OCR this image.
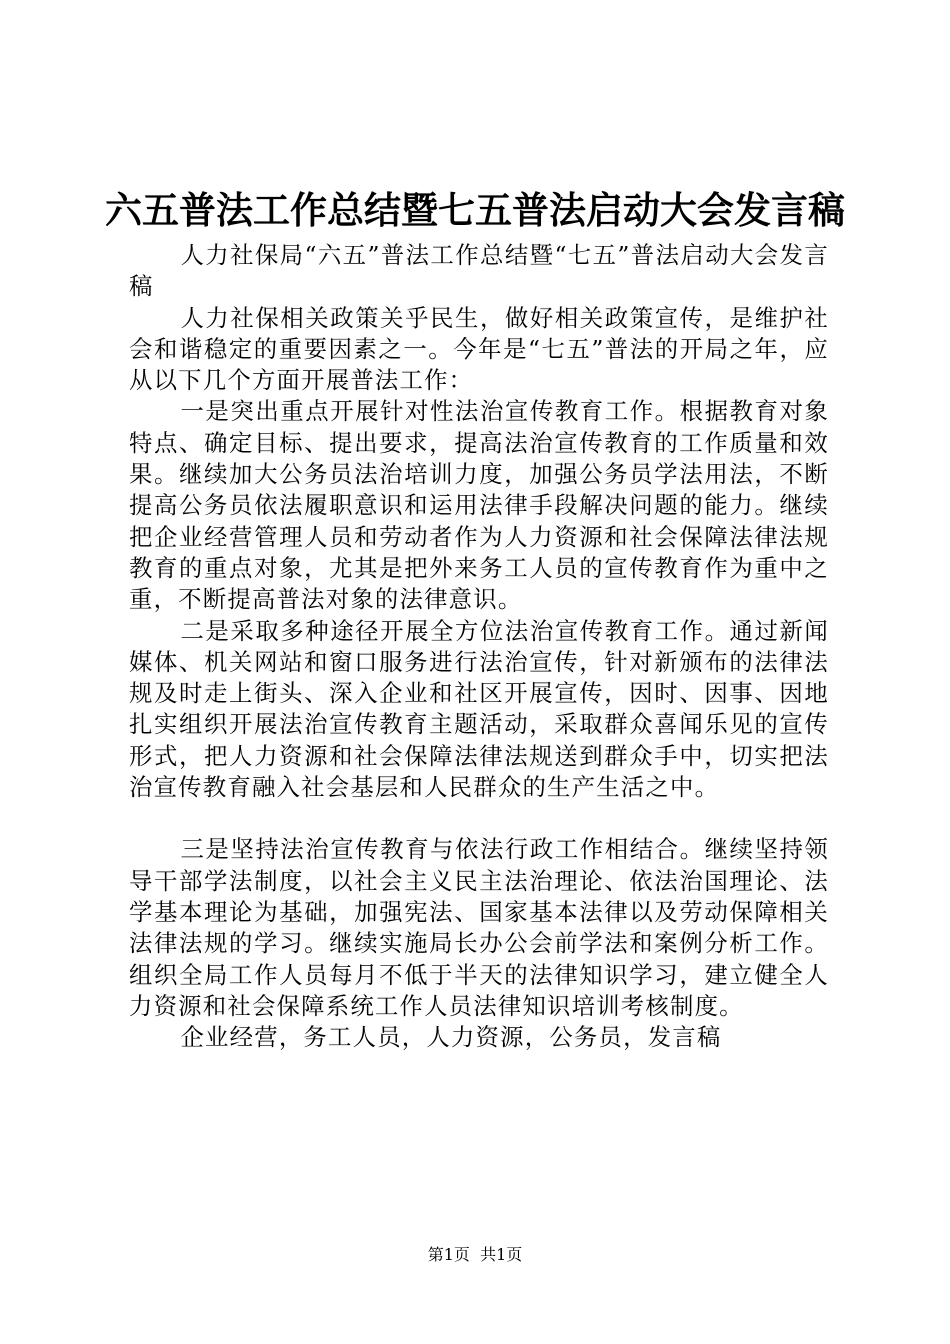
六五普法工作总结暨七五普法启动大会发言稿

人力社保局“六五”普法工作总结暨“七五”普法启动大会发言稿

人力社保相关政策关乎民生，做好相关政策宣传，是维护社会和谐稳定的重要因素之一。今年是“七五”普法的开局之年，应从以下几个方面开展普法工作：

一是突出重点开展针对性法治宣传教育工作。根据教育对象特点、确定目标、提出要求，提高法治宣传教育的工作质量和效果。继续加大公务员法治培训力度，加强公务员学法用法，不断提高公务员依法履职意识和运用法律手段解决问题的能力。继续把企业经营管理人员和劳动者作为人力资源和社会保障法律法规教育的重点对象，尤其是把外来务工人员的宣传教育作为重中之重，不断提高普法对象的法律意识。

二是采取多种途径开展全方位法治宣传教育工作。通过新闻媒体、机关网站和窗口服务进行法治宣传，针对新颁布的法律法规及时走上街头、深入企业和社区开展宣传，因时、因事、因地扎实组织开展法治宣传教育主题活动，采取群众喜闻乐见的宣传形式，把人力资源和社会保障法律法规送到群众手中，切实把法治宣传教育融入社会基层和人民群众的生产生活之中。

三是坚持法治宣传教育与依法行政工作相结合。继续坚持领导干部学法制度，以社会主义民主法治理论、依法治国理论、法学基本理论为基础，加强宪法、国家基本法律以及劳动保障相关法律法规的学习。继续实施局长办公会前学法和案例分析工作。组织全局工作人员每月不低于半天的法律知识学习，建立健全人力资源和社会保障系统工作人员法律知识培训考核制度。

企业经营，务工人员，人力资源，公务员，发言稿

第1页  共1页
